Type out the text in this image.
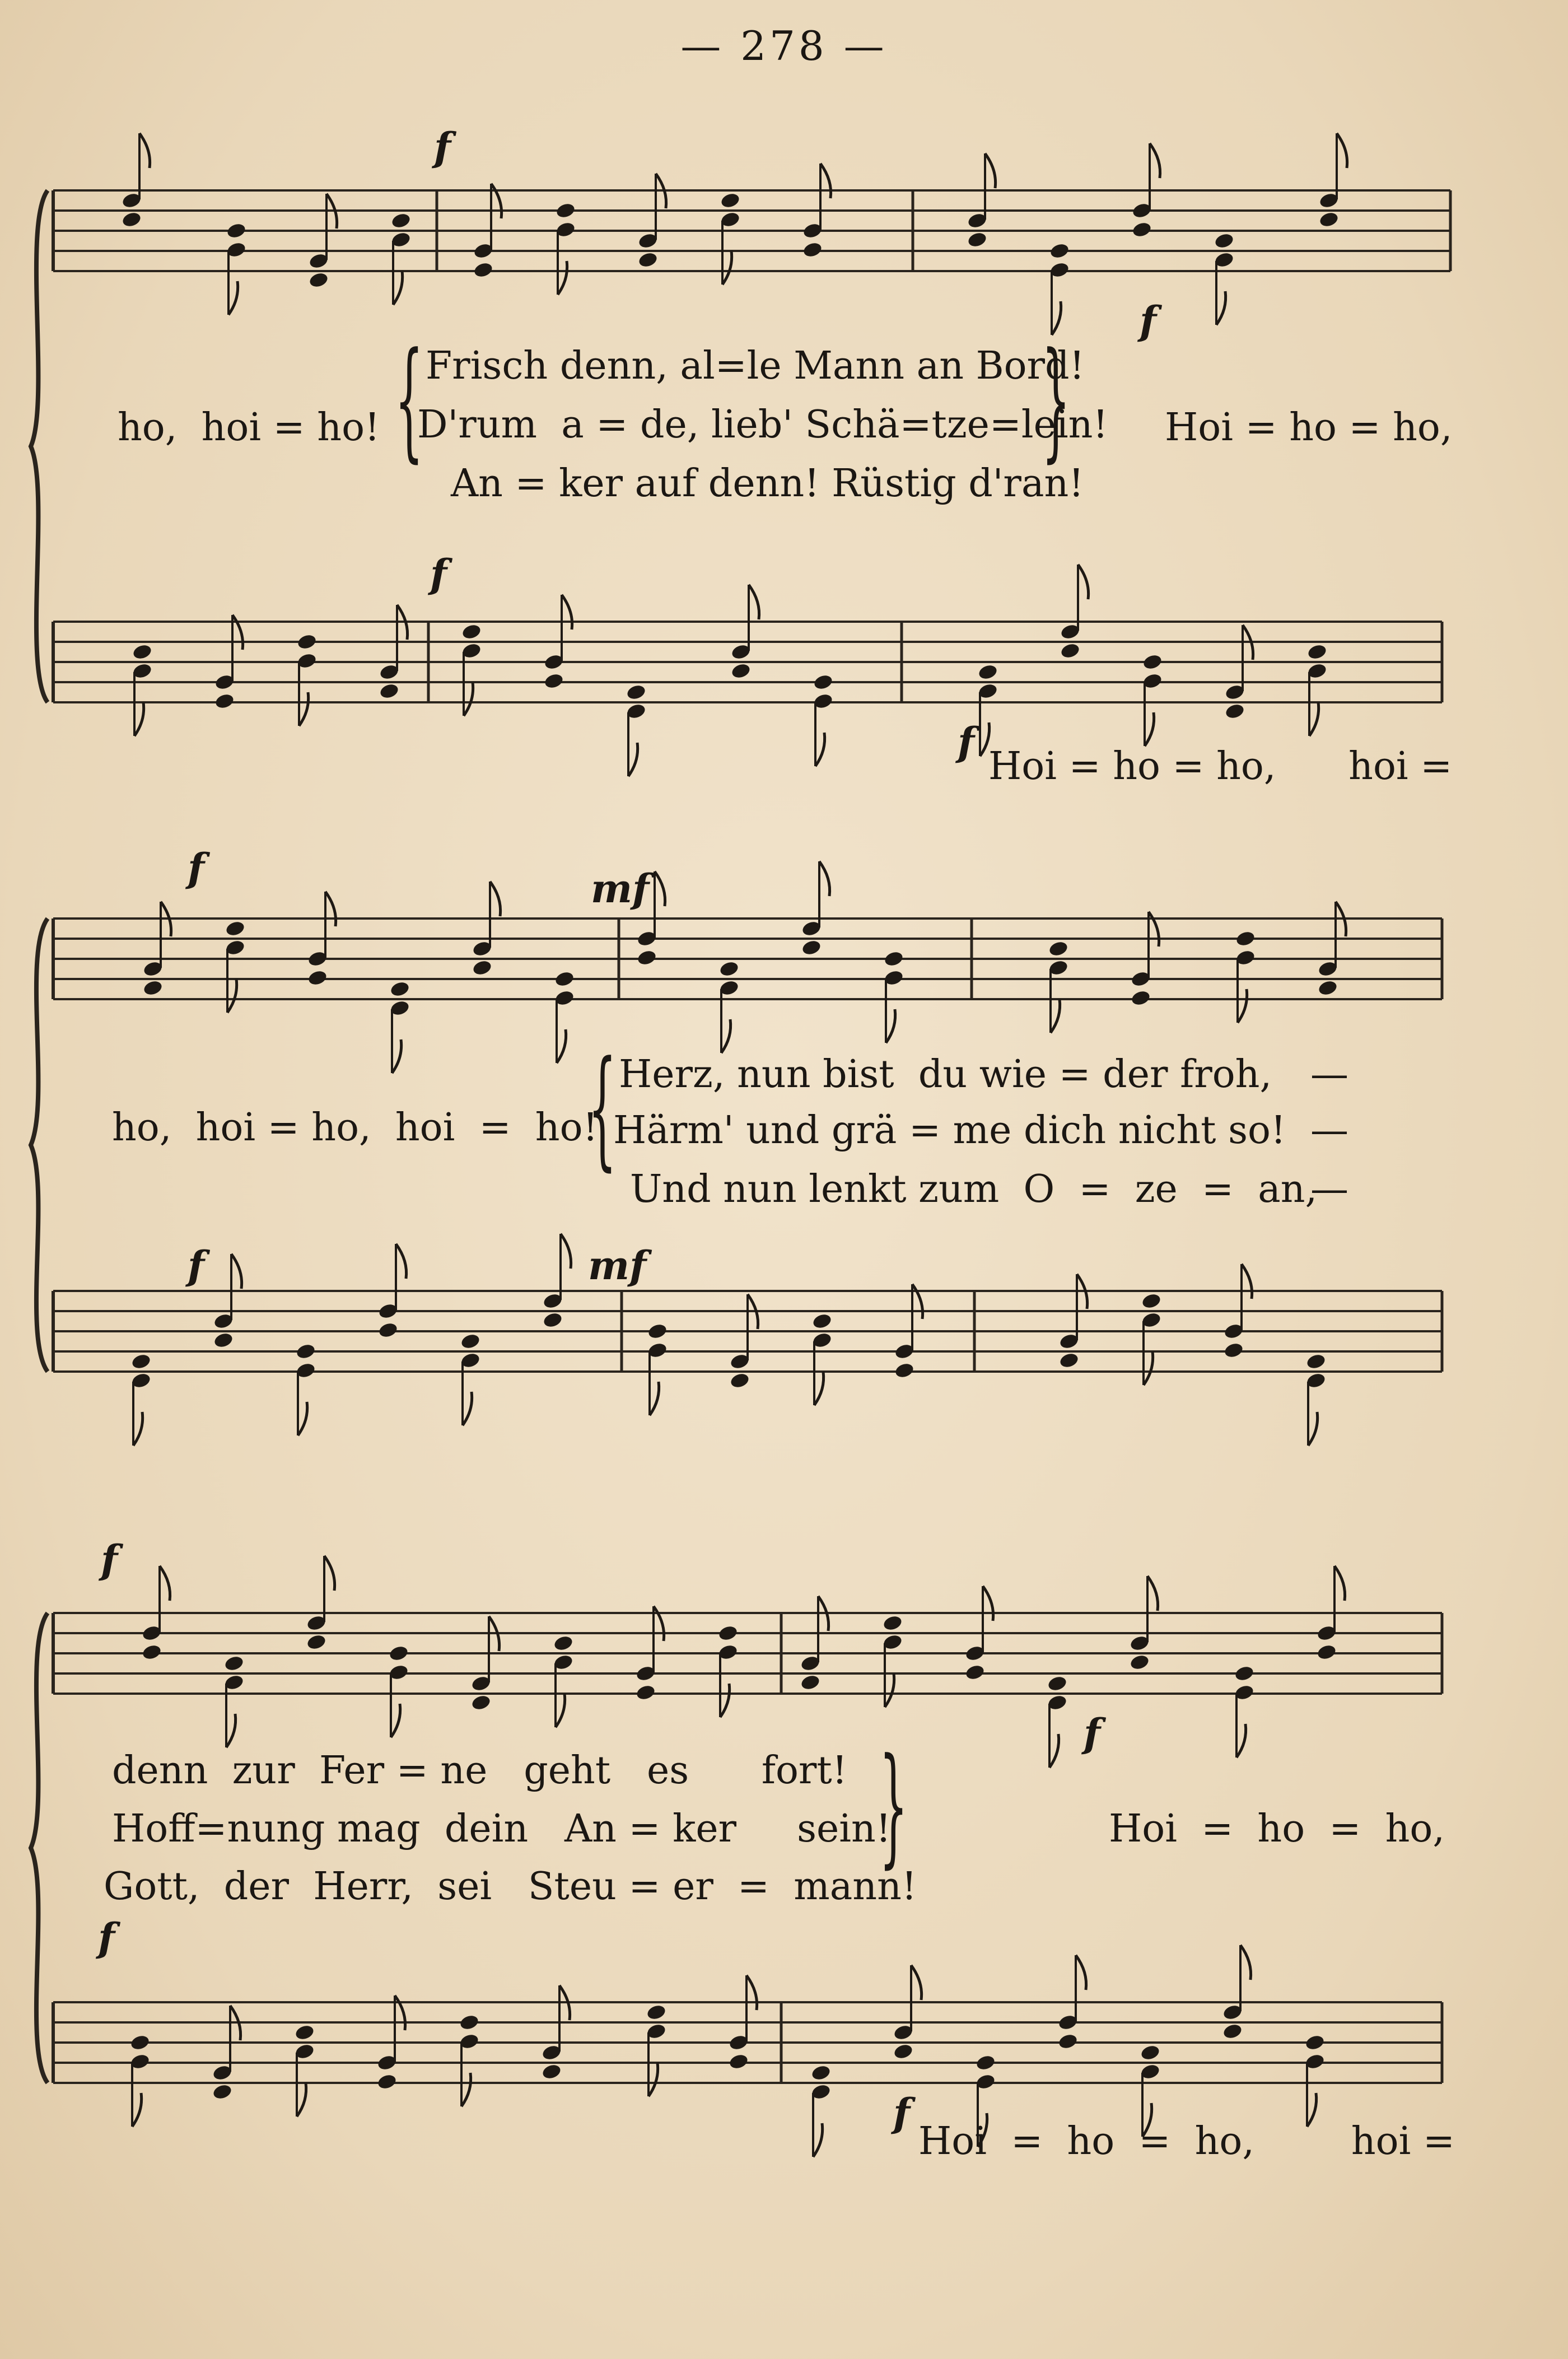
— 278 —
f
f
ho,  hoi = ho!
Frisch denn, al=le Mann an Bord!
D'rum  a = de, lieb' Schä=tze=lein!
An = ker auf denn! Rüstig d'ran!
Hoi = ho = ho,
f
f
Hoi = ho = ho,      hoi =
f	mf
ho,  hoi = ho,  hoi  =  ho!
Herz, nun bist  du wie = der froh,
Härm' und grä = me dich nicht so!
Und nun lenkt zum  O  =  ze  =  an,
—
—
—
f	mf
f
f
denn  zur  Fer = ne   geht   es      fort!
Hoff=nung mag  dein   An = ker     sein!
Gott,  der  Herr,  sei   Steu = er  =  mann!
Hoi  =  ho  =  ho,
f
f
Hoi  =  ho  =  ho,        hoi =
{	}
{
}
